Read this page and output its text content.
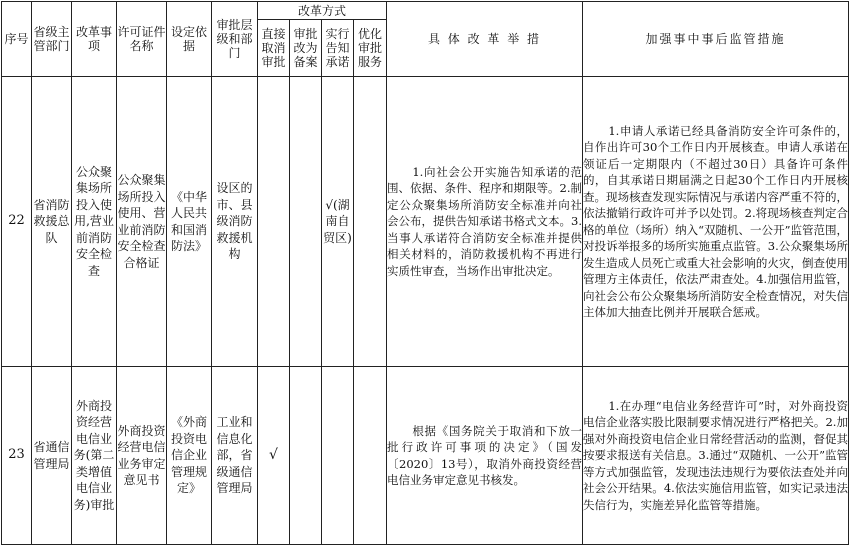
序号	省级主管部门	改革事项	许可证件名称	设定依据	审批层级和部门	改革方式				具 体 改 革 举 措	加强事中事后监管措施
						直接取消审批	审批改为备案	实行告知承诺	优化审批服务		
22	省消防救援总队	公众聚集场所投入使用,营业前消防安全检查	公众聚集场所投入使用、营业前消防安全检查合格证	《中华人民共和国消防法》	设区的市、县级消防救援机构			√(湖南自贸区)		1.向社会公开实施告知承诺的范围、依据、条件、程序和期限等。2.制定公众聚集场所消防安全标准并向社会公布，提供告知承诺书格式文本。3.当事人承诺符合消防安全标准并提供相关材料的，消防救援机构不再进行实质性审查，当场作出审批决定。	1.申请人承诺已经具备消防安全许可条件的，自作出许可30个工作日内开展核查。申请人承诺在领证后一定期限内（不超过30日）具备许可条件的，自其承诺日期届满之日起30个工作日内开展核查。现场核查发现实际情况与承诺内容严重不符的，依法撤销行政许可并予以处罚。2.将现场核查判定合格的单位（场所）纳入“双随机、一公开”监管范围，对投诉举报多的场所实施重点监管。3.公众聚集场所发生造成人员死亡或重大社会影响的火灾，倒查使用管理方主体责任，依法严肃查处。4.加强信用监管，向社会公布公众聚集场所消防安全检查情况，对失信主体加大抽查比例并开展联合惩戒。
23	省通信管理局	外商投资经营电信业务(第二类增值电信业务)审批	外商投资经营电信业务审定意见书	《外商投资电信企业管理规定》	工业和信息化部，省级通信管理局	√				根据《国务院关于取消和下放一批行政许可事项的决定》（国发〔2020〕13号），取消外商投资经营电信业务审定意见书核发。	1.在办理“电信业务经营许可”时，对外商投资电信企业落实股比限制要求情况进行严格把关。2.加强对外商投资电信企业日常经营活动的监测，督促其按要求报送有关信息。3.通过“双随机、一公开”监管等方式加强监管，发现违法违规行为要依法查处并向社会公开结果。4.依法实施信用监管，如实记录违法失信行为，实施差异化监管等措施。
